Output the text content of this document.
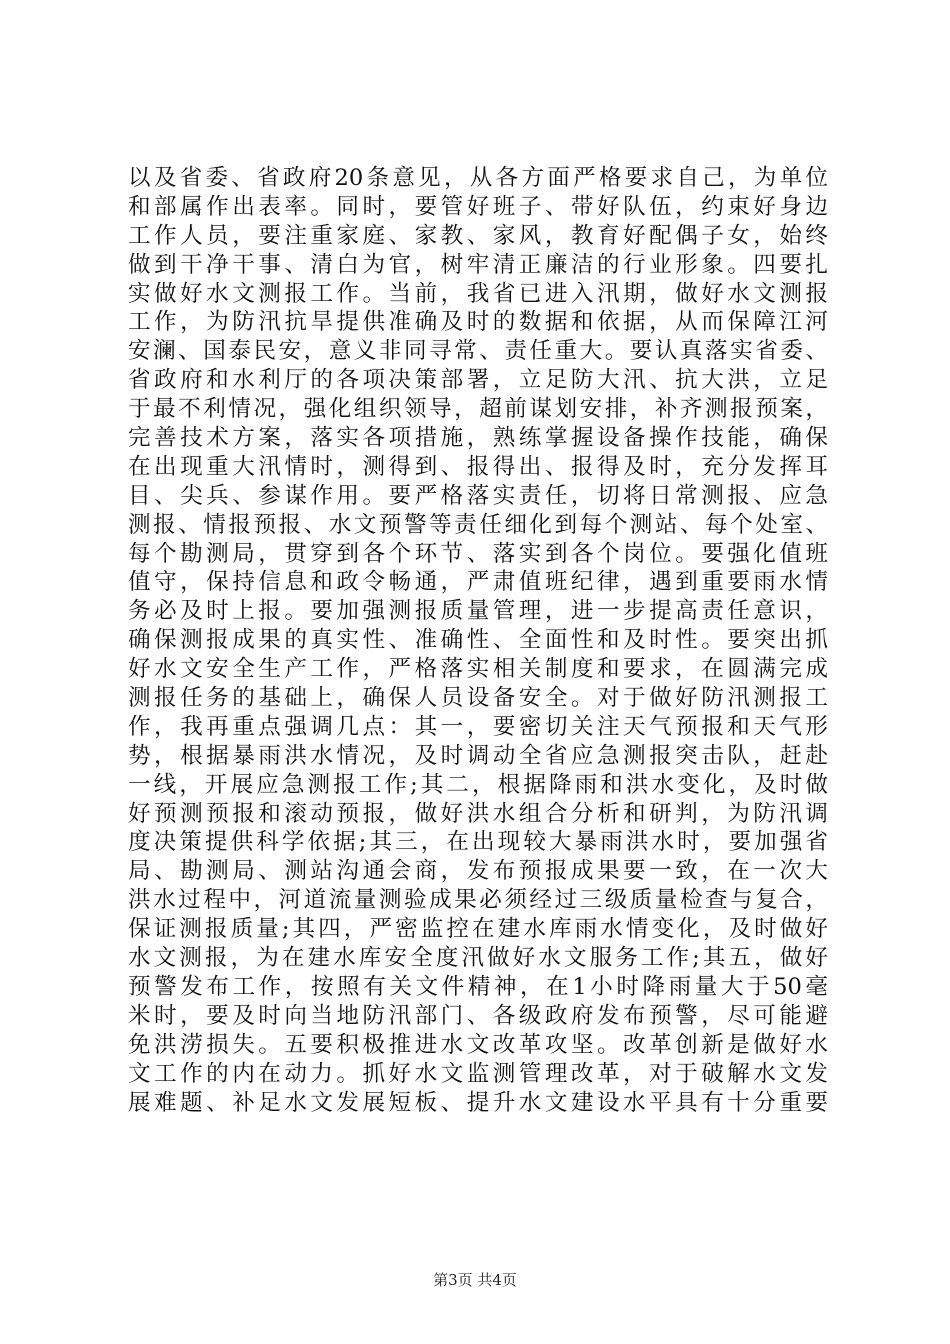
以及省委、省政府20条意见，从各方面严格要求自己，为单位
和部属作出表率。同时，要管好班子、带好队伍，约束好身边
工作人员，要注重家庭、家教、家风，教育好配偶子女，始终
做到干净干事、清白为官，树牢清正廉洁的行业形象。四要扎
实做好水文测报工作。当前，我省已进入汛期，做好水文测报
工作，为防汛抗旱提供准确及时的数据和依据，从而保障江河
安澜、国泰民安，意义非同寻常、责任重大。要认真落实省委、
省政府和水利厅的各项决策部署，立足防大汛、抗大洪，立足
于最不利情况，强化组织领导，超前谋划安排，补齐测报预案，
完善技术方案，落实各项措施，熟练掌握设备操作技能，确保
在出现重大汛情时，测得到、报得出、报得及时，充分发挥耳
目、尖兵、参谋作用。要严格落实责任，切将日常测报、应急
测报、情报预报、水文预警等责任细化到每个测站、每个处室、
每个勘测局，贯穿到各个环节、落实到各个岗位。要强化值班
值守，保持信息和政令畅通，严肃值班纪律，遇到重要雨水情
务必及时上报。要加强测报质量管理，进一步提高责任意识，
确保测报成果的真实性、准确性、全面性和及时性。要突出抓
好水文安全生产工作，严格落实相关制度和要求，在圆满完成
测报任务的基础上，确保人员设备安全。对于做好防汛测报工
作，我再重点强调几点：其一，要密切关注天气预报和天气形
势，根据暴雨洪水情况，及时调动全省应急测报突击队，赶赴
一线，开展应急测报工作;其二，根据降雨和洪水变化，及时做
好预测预报和滚动预报，做好洪水组合分析和研判，为防汛调
度决策提供科学依据;其三，在出现较大暴雨洪水时，要加强省
局、勘测局、测站沟通会商，发布预报成果要一致，在一次大
洪水过程中，河道流量测验成果必须经过三级质量检查与复合，
保证测报质量;其四，严密监控在建水库雨水情变化，及时做好
水文测报，为在建水库安全度汛做好水文服务工作;其五，做好
预警发布工作，按照有关文件精神，在1小时降雨量大于50毫
米时，要及时向当地防汛部门、各级政府发布预警，尽可能避
免洪涝损失。五要积极推进水文改革攻坚。改革创新是做好水
文工作的内在动力。抓好水文监测管理改革，对于破解水文发
展难题、补足水文发展短板、提升水文建设水平具有十分重要
第3页 共4页
